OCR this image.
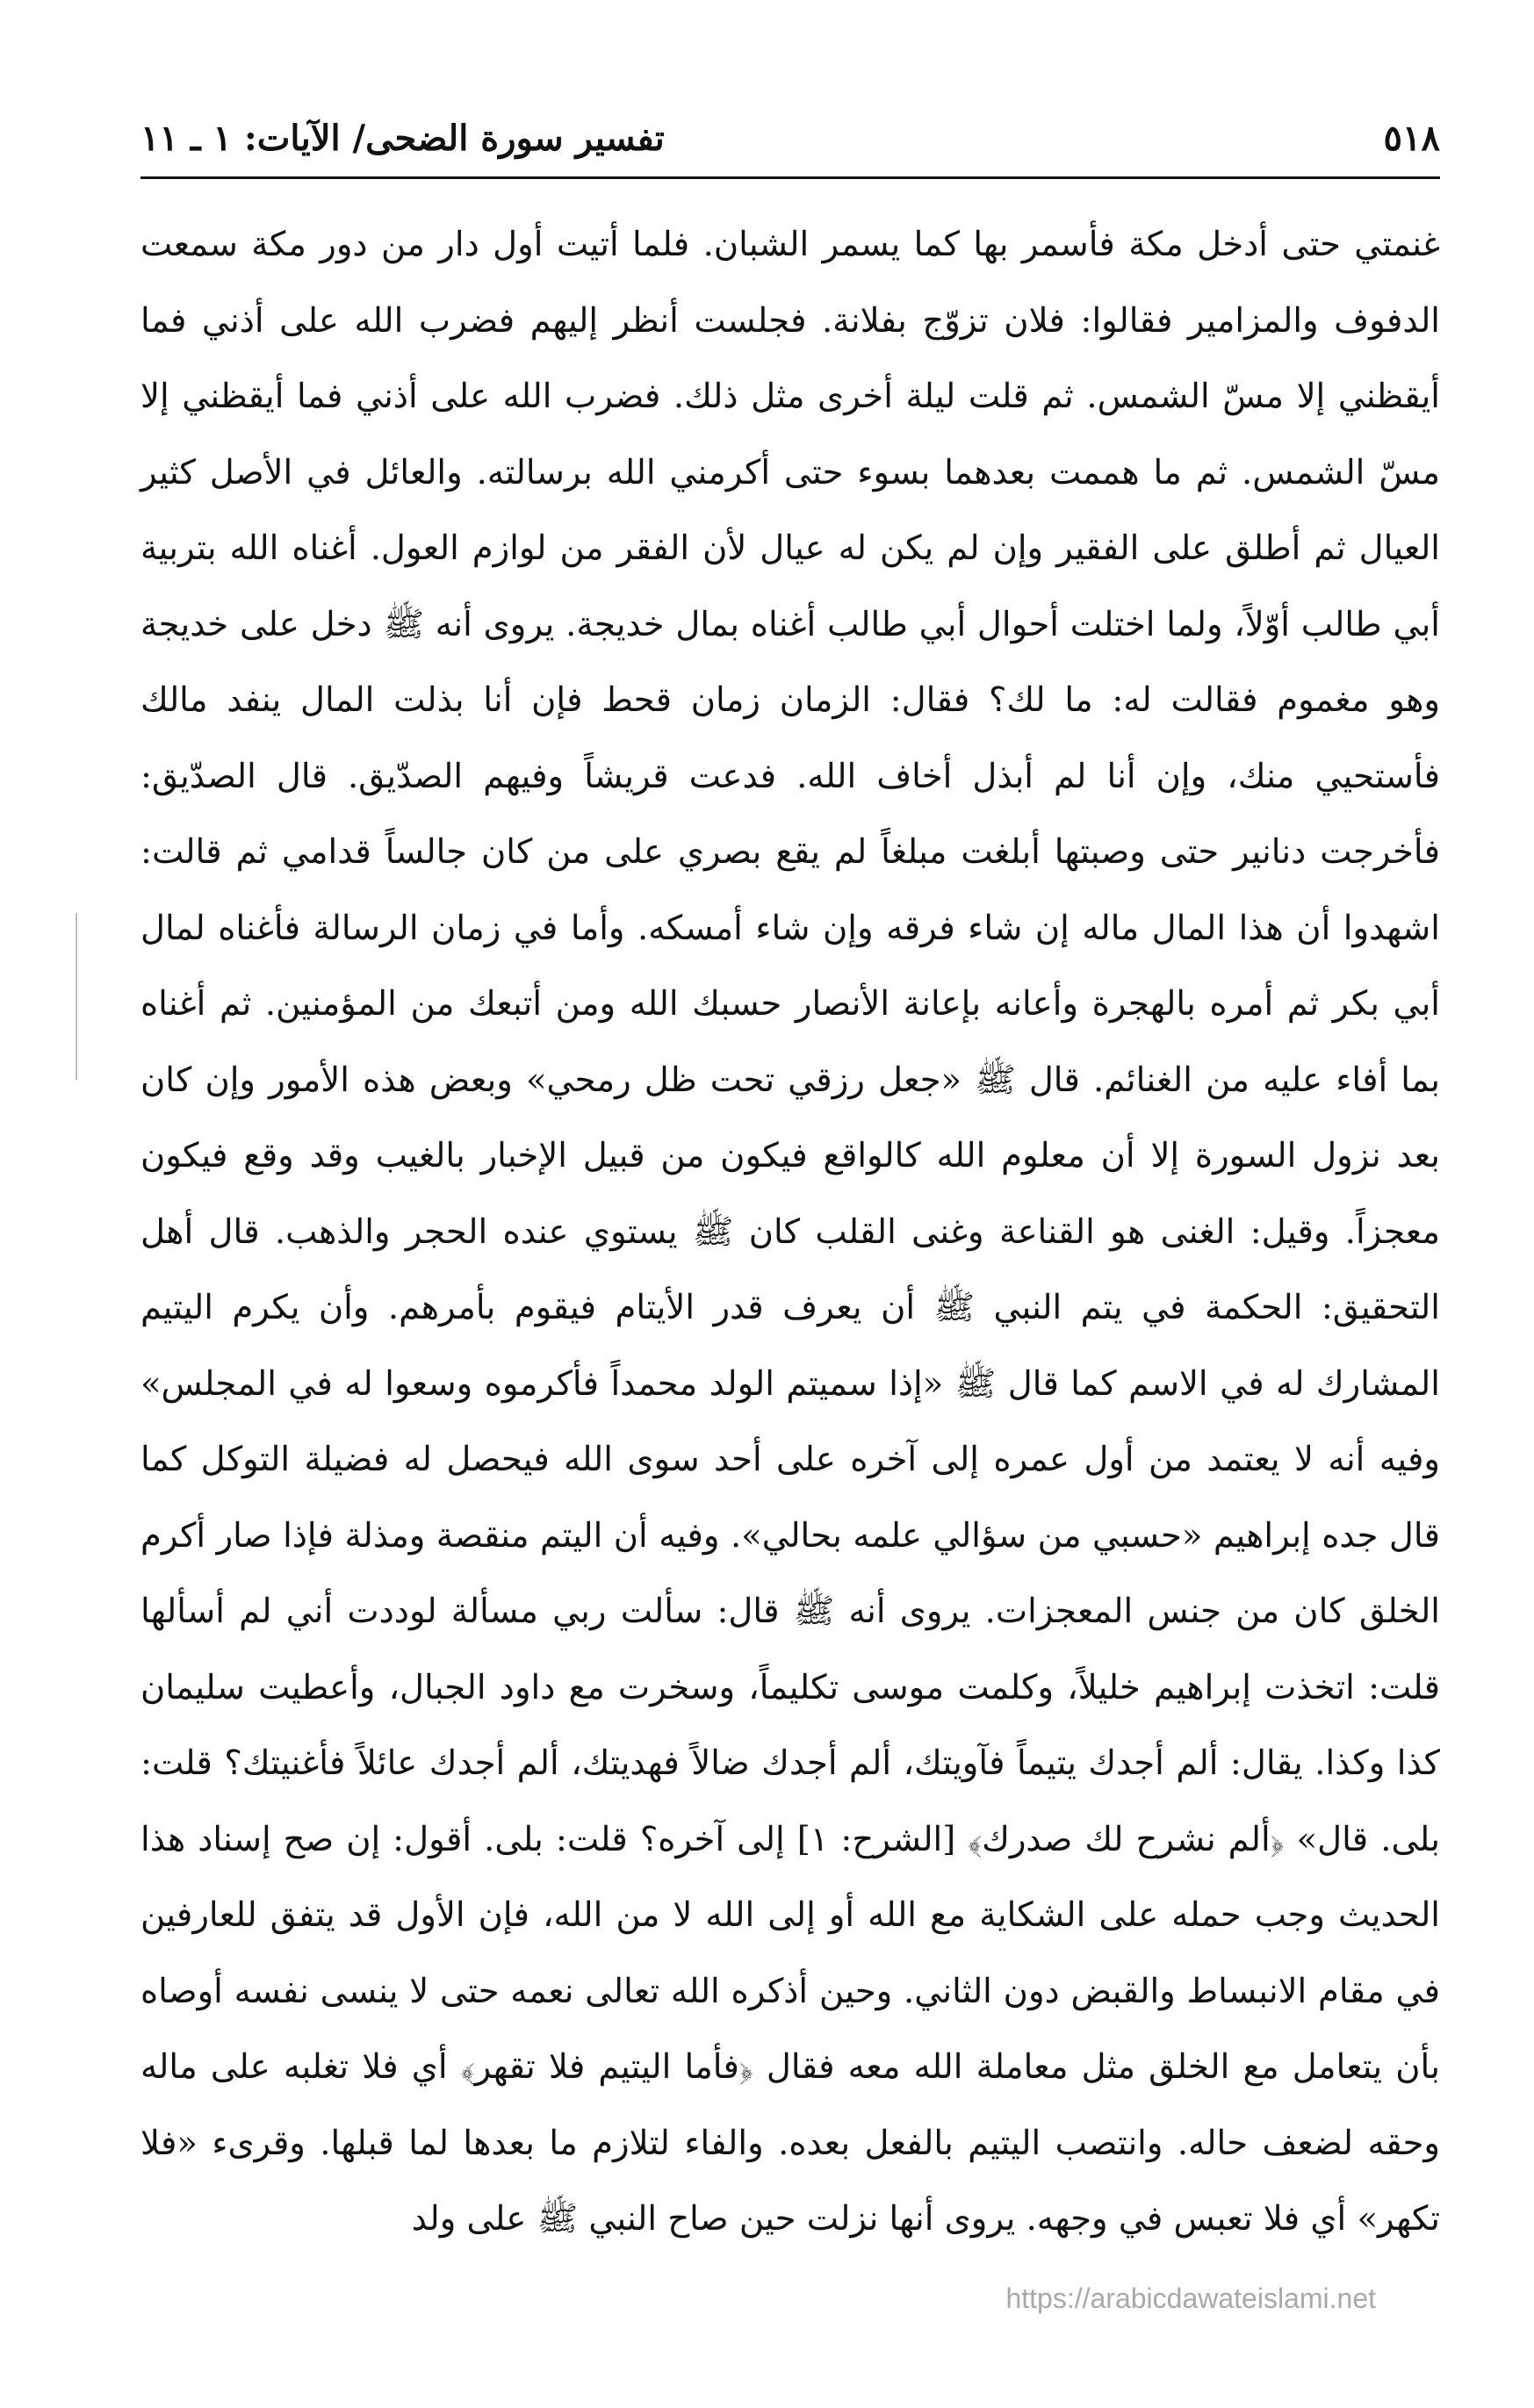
٥١٨
تفسير سورة الضحى/ الآيات: ١ ـ ١١

غنمتي حتى أدخل مكة فأسمر بها كما يسمر الشبان. فلما أتيت أول دار من دور مكة سمعت الدفوف والمزامير فقالوا: فلان تزوّج بفلانة. فجلست أنظر إليهم فضرب الله على أذني فما أيقظني إلا مسّ الشمس. ثم قلت ليلة أخرى مثل ذلك. فضرب الله على أذني فما أيقظني إلا مسّ الشمس. ثم ما هممت بعدهما بسوء حتى أكرمني الله برسالته. والعائل في الأصل كثير العيال ثم أطلق على الفقير وإن لم يكن له عيال لأن الفقر من لوازم العول. أغناه الله بتربية أبي طالب أوّلاً، ولما اختلت أحوال أبي طالب أغناه بمال خديجة. يروى أنه ﷺ دخل على خديجة وهو مغموم فقالت له: ما لك؟ فقال: الزمان زمان قحط فإن أنا بذلت المال ينفد مالك فأستحيي منك، وإن أنا لم أبذل أخاف الله. فدعت قريشاً وفيهم الصدّيق. قال الصدّيق: فأخرجت دنانير حتى وصبتها أبلغت مبلغاً لم يقع بصري على من كان جالساً قدامي ثم قالت: اشهدوا أن هذا المال ماله إن شاء فرقه وإن شاء أمسكه. وأما في زمان الرسالة فأغناه لمال أبي بكر ثم أمره بالهجرة وأعانه بإعانة الأنصار حسبك الله ومن أتبعك من المؤمنين. ثم أغناه بما أفاء عليه من الغنائم. قال ﷺ «جعل رزقي تحت ظل رمحي» وبعض هذه الأمور وإن كان بعد نزول السورة إلا أن معلوم الله كالواقع فيكون من قبيل الإخبار بالغيب وقد وقع فيكون معجزاً. وقيل: الغنى هو القناعة وغنى القلب كان ﷺ يستوي عنده الحجر والذهب. قال أهل التحقيق: الحكمة في يتم النبي ﷺ أن يعرف قدر الأيتام فيقوم بأمرهم. وأن يكرم اليتيم المشارك له في الاسم كما قال ﷺ «إذا سميتم الولد محمداً فأكرموه وسعوا له في المجلس» وفيه أنه لا يعتمد من أول عمره إلى آخره على أحد سوى الله فيحصل له فضيلة التوكل كما قال جده إبراهيم «حسبي من سؤالي علمه بحالي». وفيه أن اليتم منقصة ومذلة فإذا صار أكرم الخلق كان من جنس المعجزات. يروى أنه ﷺ قال: سألت ربي مسألة لوددت أني لم أسألها قلت: اتخذت إبراهيم خليلاً، وكلمت موسى تكليماً، وسخرت مع داود الجبال، وأعطيت سليمان كذا وكذا. يقال: ألم أجدك يتيماً فآويتك، ألم أجدك ضالاً فهديتك، ألم أجدك عائلاً فأغنيتك؟ قلت: بلى. قال» ﴿ألم نشرح لك صدرك﴾ [الشرح: ١] إلى آخره؟ قلت: بلى. أقول: إن صح إسناد هذا الحديث وجب حمله على الشكاية مع الله أو إلى الله لا من الله، فإن الأول قد يتفق للعارفين في مقام الانبساط والقبض دون الثاني. وحين أذكره الله تعالى نعمه حتى لا ينسى نفسه أوصاه بأن يتعامل مع الخلق مثل معاملة الله معه فقال ﴿فأما اليتيم فلا تقهر﴾ أي فلا تغلبه على ماله وحقه لضعف حاله. وانتصب اليتيم بالفعل بعده. والفاء لتلازم ما بعدها لما قبلها. وقرىء «فلا تكهر» أي فلا تعبس في وجهه. يروى أنها نزلت حين صاح النبي ﷺ على ولد

https://arabicdawateislami.net
